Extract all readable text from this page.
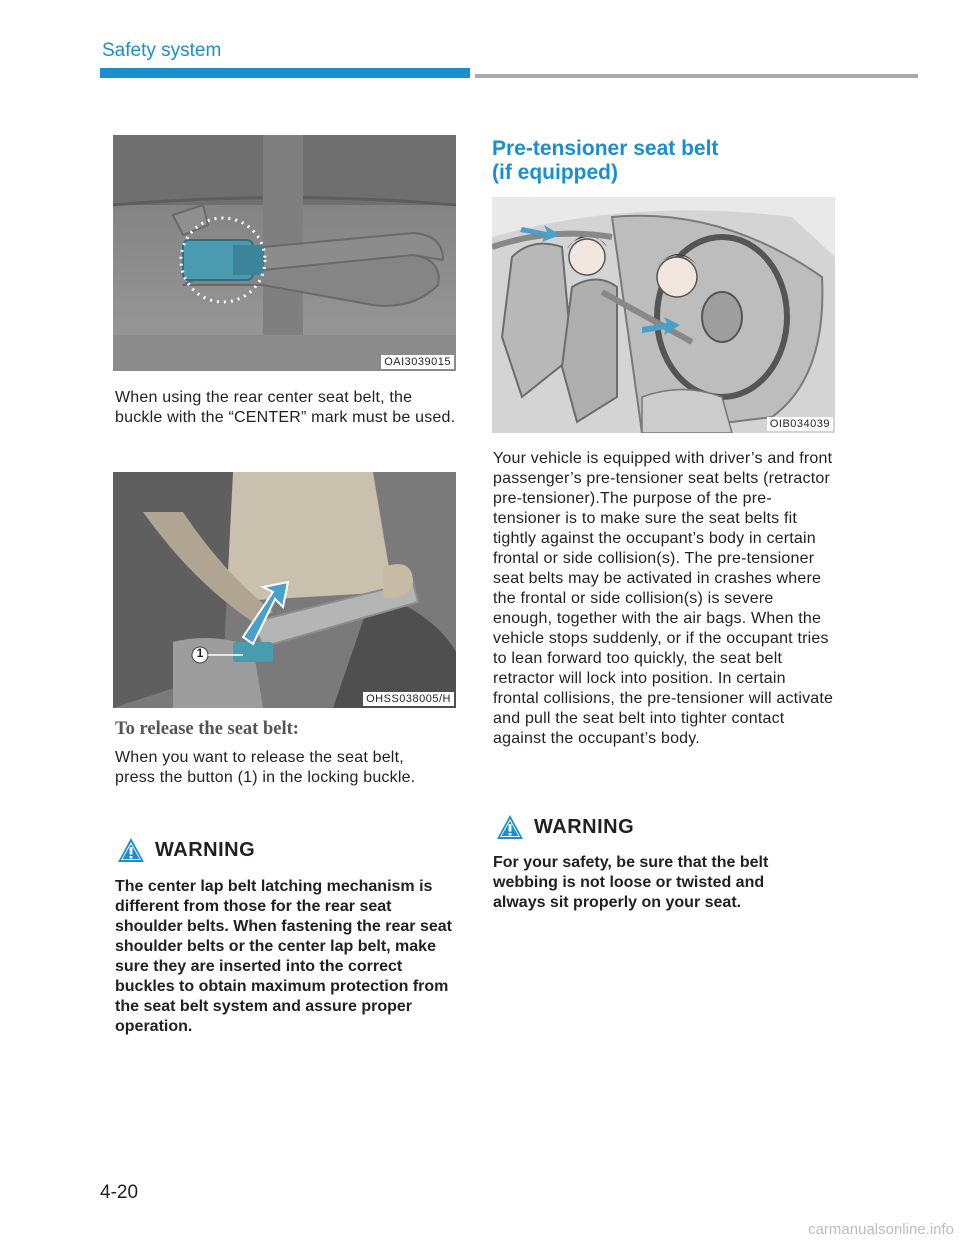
Safety system
OAI3039015
When using the rear center seat belt, the buckle with the “CENTER” mark must be used.
1
OHSS038005/H
To release the seat belt:
When you want to release the seat belt, press the button (1) in the locking buckle.
WARNING
The center lap belt latching mechanism is different from those for the rear seat shoulder belts. When fastening the rear seat shoulder belts or the center lap belt, make sure they are inserted into the correct buckles to obtain maximum protection from the seat belt system and assure proper operation.
Pre-tensioner seat belt
(if equipped)
OIB034039
Your vehicle is equipped with driver’s and front passenger’s pre-tensioner seat belts (retractor pre-tensioner).The purpose of the pre-tensioner is to make sure the seat belts fit tightly against the occupant’s body in certain frontal or side collision(s). The pre-tensioner seat belts may be activated in crashes where the frontal or side collision(s) is severe enough, together with the air bags. When the vehicle stops suddenly, or if the occupant tries to lean forward too quickly, the seat belt retractor will lock into position. In certain frontal collisions, the pre-tensioner will activate and pull the seat belt into tighter contact against the occupant’s body.
WARNING
For your safety, be sure that the belt webbing is not loose or twisted and always sit properly on your seat.
4-20
carmanualsonline.info
